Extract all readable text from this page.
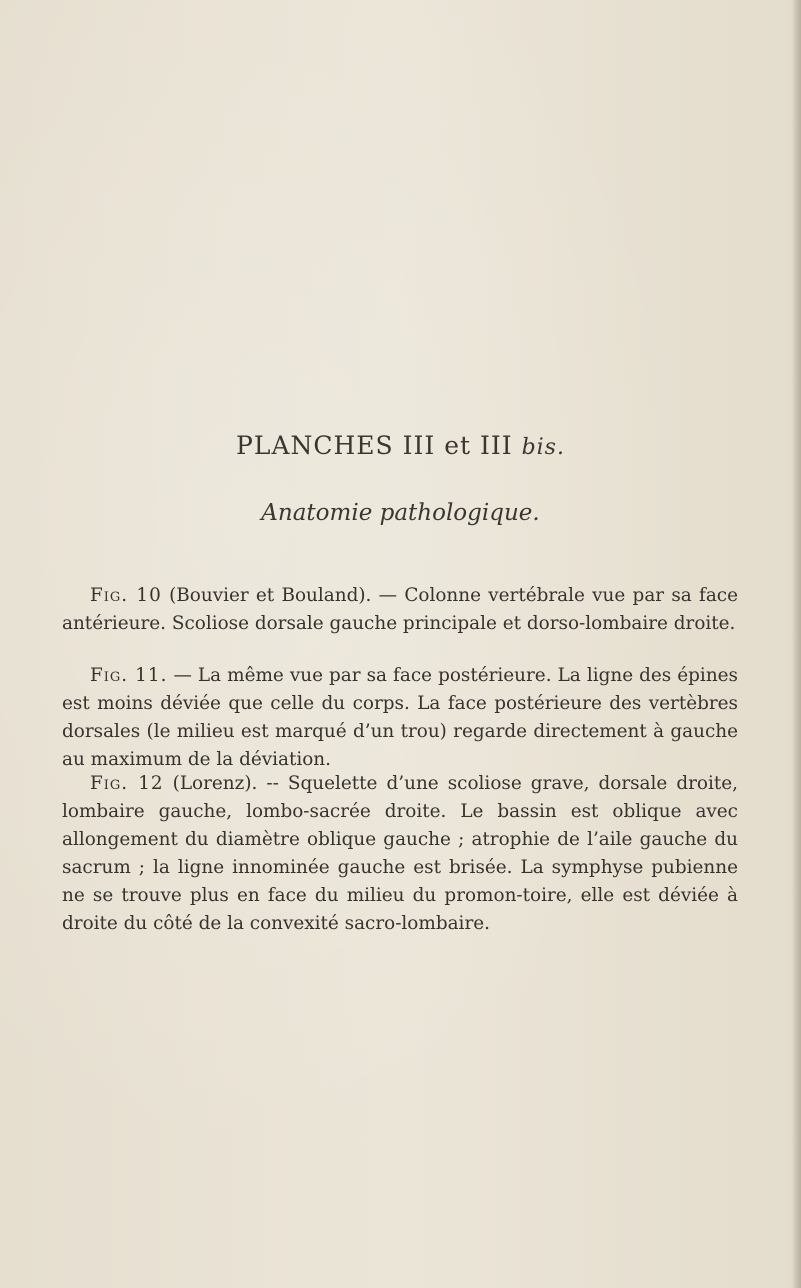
PLANCHES III et III bis.
Anatomie pathologique.

Fig. 10 (Bouvier et Bouland). — Colonne vertébrale vue par sa face antérieure. Scoliose dorsale gauche principale et dorso-lombaire droite.

Fig. 11. — La même vue par sa face postérieure. La ligne des épines est moins déviée que celle du corps. La face postérieure des vertèbres dorsales (le milieu est marqué d’un trou) regarde directement à gauche au maximum de la déviation.

Fig. 12 (Lorenz). -- Squelette d’une scoliose grave, dorsale droite, lombaire gauche, lombo-sacrée droite. Le bassin est oblique avec allongement du diamètre oblique gauche ; atrophie de l’aile gauche du sacrum ; la ligne innominée gauche est brisée. La symphyse pubienne ne se trouve plus en face du milieu du promon-toire, elle est déviée à droite du côté de la convexité sacro-lombaire.
